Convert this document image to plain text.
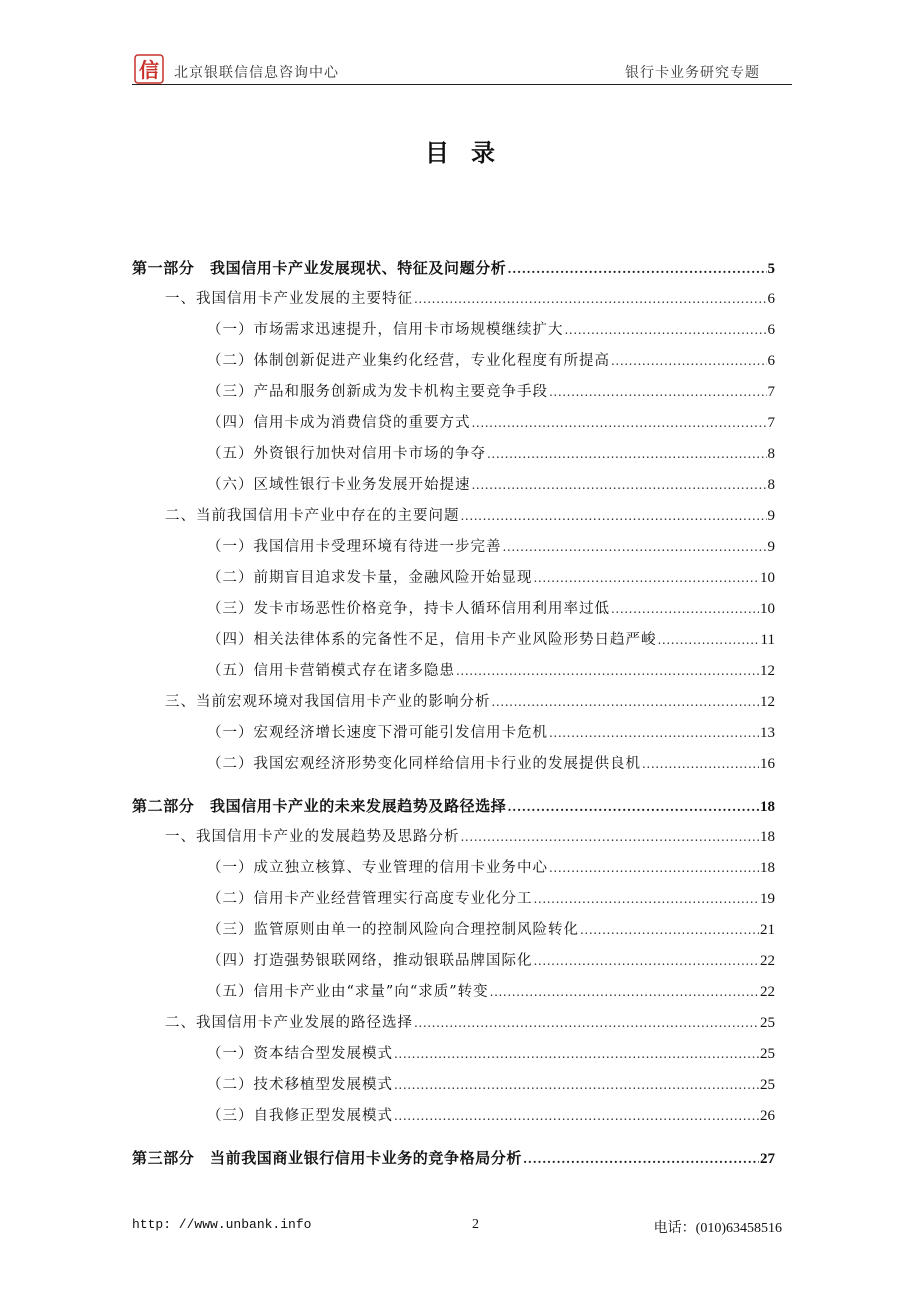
信 北京银联信信息咨询中心	银行卡业务研究专题
目录
第一部分　我国信用卡产业发展现状、特征及问题分析 .....	5
一、我国信用卡产业发展的主要特征 .....	6
（一）市场需求迅速提升，信用卡市场规模继续扩大 .....	6
（二）体制创新促进产业集约化经营，专业化程度有所提高 .....	6
（三）产品和服务创新成为发卡机构主要竞争手段 .....	7
（四）信用卡成为消费信贷的重要方式 .....	7
（五）外资银行加快对信用卡市场的争夺 .....	8
（六）区域性银行卡业务发展开始提速 .....	8
二、当前我国信用卡产业中存在的主要问题 .....	9
（一）我国信用卡受理环境有待进一步完善 .....	9
（二）前期盲目追求发卡量，金融风险开始显现 .....	10
（三）发卡市场恶性价格竞争，持卡人循环信用利用率过低 .....	10
（四）相关法律体系的完备性不足，信用卡产业风险形势日趋严峻 .....	11
（五）信用卡营销模式存在诸多隐患 .....	12
三、当前宏观环境对我国信用卡产业的影响分析 .....	12
（一）宏观经济增长速度下滑可能引发信用卡危机 .....	13
（二）我国宏观经济形势变化同样给信用卡行业的发展提供良机 .....	16
第二部分　我国信用卡产业的未来发展趋势及路径选择 .....	18
一、我国信用卡产业的发展趋势及思路分析 .....	18
（一）成立独立核算、专业管理的信用卡业务中心 .....	18
（二）信用卡产业经营管理实行高度专业化分工 .....	19
（三）监管原则由单一的控制风险向合理控制风险转化 .....	21
（四）打造强势银联网络，推动银联品牌国际化 .....	22
（五）信用卡产业由“求量”向“求质”转变 .....	22
二、我国信用卡产业发展的路径选择 .....	25
（一）资本结合型发展模式 .....	25
（二）技术移植型发展模式 .....	25
（三）自我修正型发展模式 .....	26
第三部分　当前我国商业银行信用卡业务的竞争格局分析 .....	27
http: //www.unbank.info	2	电话：(010)63458516
